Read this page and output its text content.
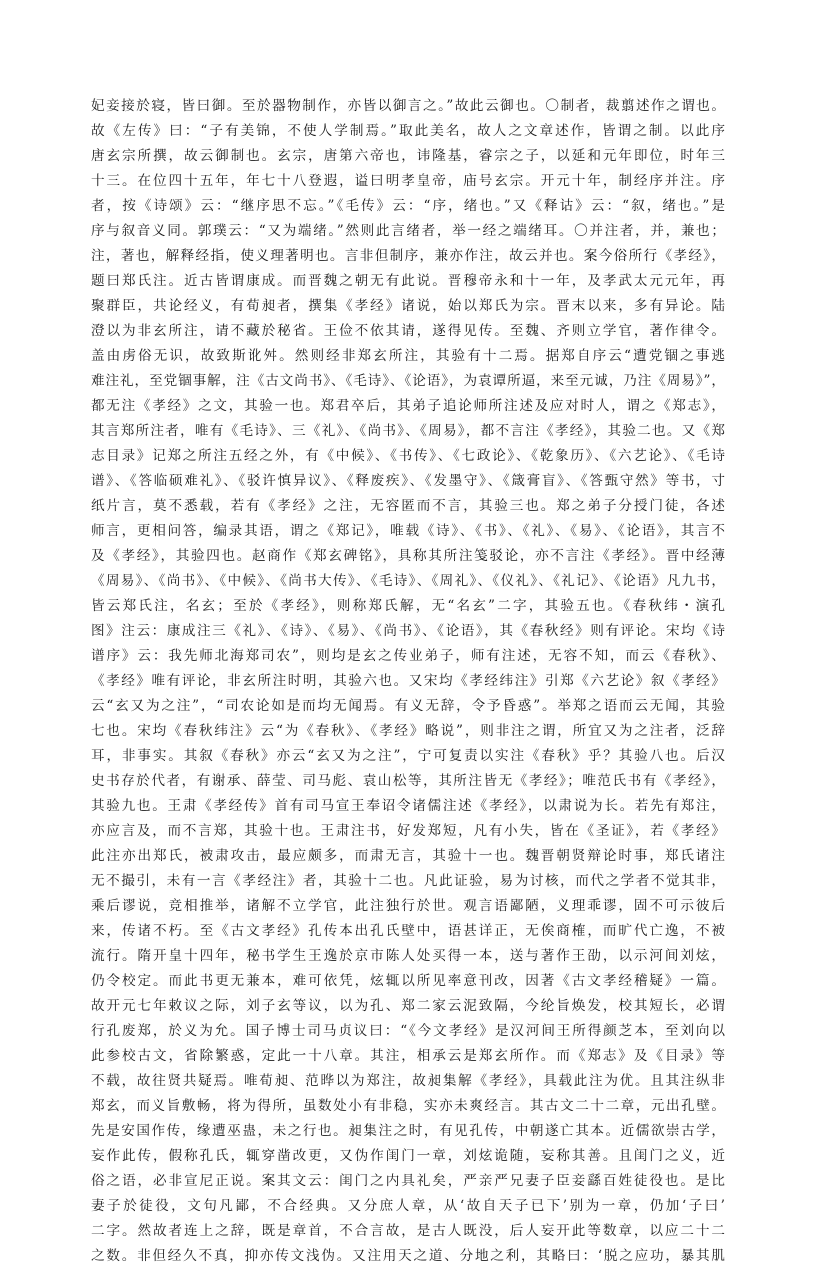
妃妾接於寝，皆曰御。至於器物制作，亦皆以御言之。”故此云御也。〇制者，裁翦述作之谓也。
故《左传》曰：“子有美锦，不使人学制焉。”取此美名，故人之文章述作，皆谓之制。以此序
唐玄宗所撰，故云御制也。玄宗，唐第六帝也，讳隆基，睿宗之子，以延和元年即位，时年三
十三。在位四十五年，年七十八登遐，谥曰明孝皇帝，庙号玄宗。开元十年，制经序并注。序
者，按《诗颂》云：“继序思不忘。”《毛传》云：“序，绪也。”又《释诂》云：“叙，绪也。”是
序与叙音义同。郭璞云：“又为端绪。”然则此言绪者，举一经之端绪耳。〇并注者，并，兼也；
注，著也，解释经指，使义理著明也。言非但制序，兼亦作注，故云并也。案今俗所行《孝经》，
题曰郑氏注。近古皆谓康成。而晋魏之朝无有此说。晋穆帝永和十一年，及孝武太元元年，再
聚群臣，共论经义，有荀昶者，撰集《孝经》诸说，始以郑氏为宗。晋末以来，多有异论。陆
澄以为非玄所注，请不藏於秘省。王俭不依其请，遂得见传。至魏、齐则立学官，著作律令。
盖由虏俗无识，故致斯讹舛。然则经非郑玄所注，其验有十二焉。据郑自序云“遭党锢之事逃
难注礼，至党锢事解，注《古文尚书》、《毛诗》、《论语》，为袁谭所逼，来至元诚，乃注《周易》”，
都无注《孝经》之文，其验一也。郑君卒后，其弟子追论师所注述及应对时人，谓之《郑志》，
其言郑所注者，唯有《毛诗》、三《礼》、《尚书》、《周易》，都不言注《孝经》，其验二也。又《郑
志目录》记郑之所注五经之外，有《中候》、《书传》、《七政论》、《乾象历》、《六艺论》、《毛诗
谱》、《答临硕难礼》、《驳许慎异议》、《释废疾》、《发墨守》、《箴膏盲》、《答甄守然》等书，寸
纸片言，莫不悉载，若有《孝经》之注，无容匿而不言，其验三也。郑之弟子分授门徒，各述
师言，更相问答，编录其语，谓之《郑记》，唯载《诗》、《书》、《礼》、《易》、《论语》，其言不
及《孝经》，其验四也。赵商作《郑玄碑铭》，具称其所注笺驳论，亦不言注《孝经》。晋中经薄
《周易》、《尚书》、《中候》、《尚书大传》、《毛诗》、《周礼》、《仪礼》、《礼记》、《论语》凡九书，
皆云郑氏注，名玄；至於《孝经》，则称郑氏解，无“名玄”二字，其验五也。《春秋纬・演孔
图》注云：康成注三《礼》、《诗》、《易》、《尚书》、《论语》，其《春秋经》则有评论。宋均《诗
谱序》云：我先师北海郑司农”，则均是玄之传业弟子，师有注述，无容不知，而云《春秋》、
《孝经》唯有评论，非玄所注时明，其验六也。又宋均《孝经纬注》引郑《六艺论》叙《孝经》
云“玄又为之注”，“司农论如是而均无闻焉。有义无辞，令予昏惑”。举郑之语而云无闻，其验
七也。宋均《春秋纬注》云“为《春秋》、《孝经》略说”，则非注之谓，所宜又为之注者，泛辞
耳，非事实。其叙《春秋》亦云“玄又为之注”，宁可复责以实注《春秋》乎？其验八也。后汉
史书存於代者，有谢承、薛莹、司马彪、袁山松等，其所注皆无《孝经》；唯范氏书有《孝经》，
其验九也。王肃《孝经传》首有司马宣王奉诏令诸儒注述《孝经》，以肃说为长。若先有郑注，
亦应言及，而不言郑，其验十也。王肃注书，好发郑短，凡有小失，皆在《圣证》，若《孝经》
此注亦出郑氏，被肃攻击，最应颇多，而肃无言，其验十一也。魏晋朝贤辩论时事，郑氏诸注
无不撮引，未有一言《孝经注》者，其验十二也。凡此证验，易为讨核，而代之学者不觉其非，
乘后谬说，竞相推举，诸解不立学官，此注独行於世。观言语鄙陋，义理乖谬，固不可示彼后
来，传诸不朽。至《古文孝经》孔传本出孔氏壁中，语甚详正，无俟商榷，而旷代亡逸，不被
流行。隋开皇十四年，秘书学生王逸於京市陈人处买得一本，送与著作王劭，以示河间刘炫，
仍令校定。而此书更无兼本，难可依凭，炫辄以所见率意刊改，因著《古文孝经稽疑》一篇。
故开元七年敕议之际，刘子玄等议，以为孔、郑二家云泥致隔，今纶旨焕发，校其短长，必谓
行孔废郑，於义为允。国子博士司马贞议曰：“《今文孝经》是汉河间王所得颜芝本，至刘向以
此参校古文，省除繁惑，定此一十八章。其注，相承云是郑玄所作。而《郑志》及《目录》等
不载，故往贤共疑焉。唯荀昶、范晔以为郑注，故昶集解《孝经》，具载此注为优。且其注纵非
郑玄，而义旨敷畅，将为得所，虽数处小有非稳，实亦未爽经言。其古文二十二章，元出孔壁。
先是安国作传，缘遭巫蛊，未之行也。昶集注之时，有见孔传，中朝遂亡其本。近儒欲崇古学，
妄作此传，假称孔氏，辄穿凿改更，又伪作闺门一章，刘炫诡随，妄称其善。且闺门之义，近
俗之语，必非宣尼正说。案其文云：闺门之内具礼矣，严亲严兄妻子臣妾繇百姓徒役也。是比
妻子於徒役，文句凡鄙，不合经典。又分庶人章，从‘故自天子已下’别为一章，仍加‘子曰’
二字。然故者连上之辞，既是章首，不合言故，是古人既没，后人妄开此等数章，以应二十二
之数。非但经久不真，抑亦传文浅伪。又注用天之道、分地之利，其略曰：‘脱之应功，暴其肌
